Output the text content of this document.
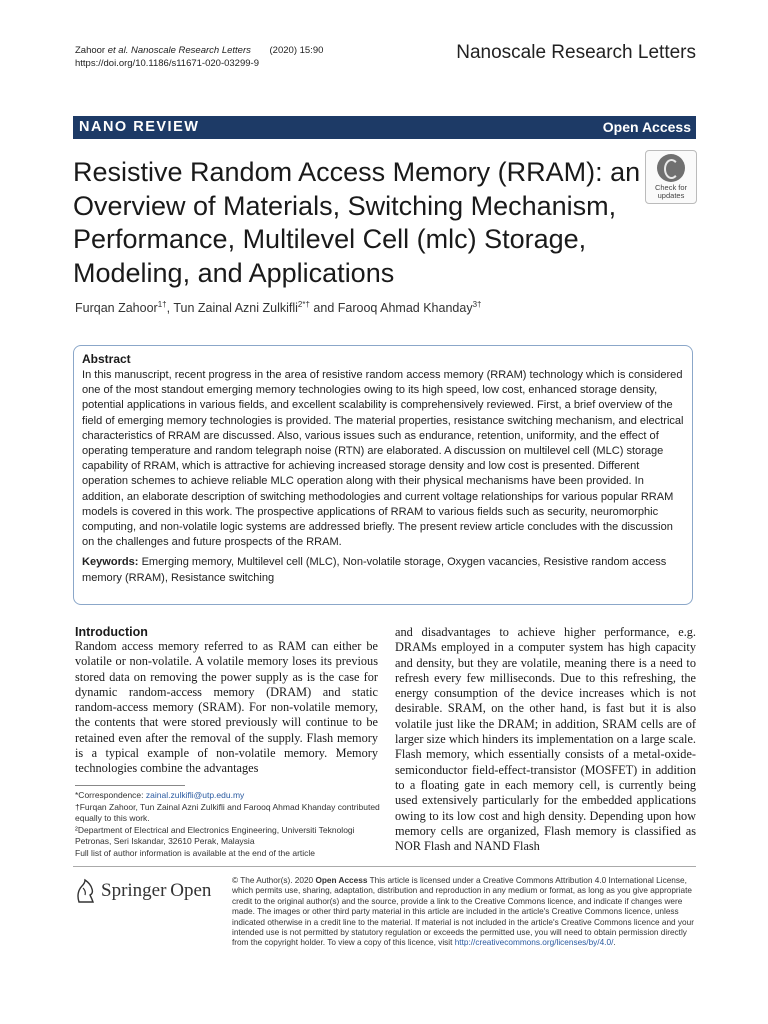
Zahoor et al. Nanoscale Research Letters (2020) 15:90
https://doi.org/10.1186/s11671-020-03299-9
Nanoscale Research Letters
NANO REVIEW	Open Access
Resistive Random Access Memory (RRAM): an Overview of Materials, Switching Mechanism, Performance, Multilevel Cell (mlc) Storage, Modeling, and Applications
Check for
updates
Furqan Zahoor$^{1\dagger}$, Tun Zainal Azni Zulkifli$^{2*\dagger}$ and Farooq Ahmad Khanday$^{3\dagger}$
Abstract

In this manuscript, recent progress in the area of resistive random access memory (RRAM) technology which is considered one of the most standout emerging memory technologies owing to its high speed, low cost, enhanced storage density, potential applications in various fields, and excellent scalability is comprehensively reviewed. First, a brief overview of the field of emerging memory technologies is provided. The material properties, resistance switching mechanism, and electrical characteristics of RRAM are discussed. Also, various issues such as endurance, retention, uniformity, and the effect of operating temperature and random telegraph noise (RTN) are elaborated. A discussion on multilevel cell (MLC) storage capability of RRAM, which is attractive for achieving increased storage density and low cost is presented. Different operation schemes to achieve reliable MLC operation along with their physical mechanisms have been provided. In addition, an elaborate description of switching methodologies and current voltage relationships for various popular RRAM models is covered in this work. The prospective applications of RRAM to various fields such as security, neuromorphic computing, and non-volatile logic systems are addressed briefly. The present review article concludes with the discussion on the challenges and future prospects of the RRAM.

Keywords: Emerging memory, Multilevel cell (MLC), Non-volatile storage, Oxygen vacancies, Resistive random access memory (RRAM), Resistance switching
Introduction

Random access memory referred to as RAM can either be volatile or non-volatile. A volatile memory loses its previous stored data on removing the power supply as is the case for dynamic random-access memory (DRAM) and static random-access memory (SRAM). For non-volatile memory, the contents that were stored previously will continue to be retained even after the removal of the supply. Flash memory is a typical example of non-volatile memory. Memory technologies combine the advantages

and disadvantages to achieve higher performance, e.g. DRAMs employed in a computer system has high capacity and density, but they are volatile, meaning there is a need to refresh every few milliseconds. Due to this refreshing, the energy consumption of the device increases which is not desirable. SRAM, on the other hand, is fast but it is also volatile just like the DRAM; in addition, SRAM cells are of larger size which hinders its implementation on a large scale. Flash memory, which essentially consists of a metal-oxide-semiconductor field-effect-transistor (MOSFET) in addition to a floating gate in each memory cell, is currently being used extensively particularly for the embedded applications owing to its low cost and high density. Depending upon how memory cells are organized, Flash memory is classified as NOR Flash and NAND Flash

*Correspondence: zainal.zulkifli@utp.edu.my
†Furqan Zahoor, Tun Zainal Azni Zulkifli and Farooq Ahmad Khanday contributed equally to this work.
²Department of Electrical and Electronics Engineering, Universiti Teknologi Petronas, Seri Iskandar, 32610 Perak, Malaysia
Full list of author information is available at the end of the article
Springer  Open © The Author(s). 2020 Open Access This article is licensed under a Creative Commons Attribution 4.0 International License, which permits use, sharing, adaptation, distribution and reproduction in any medium or format, as long as you give appropriate credit to the original author(s) and the source, provide a link to the Creative Commons licence, and indicate if changes were made. The images or other third party material in this article are included in the article's Creative Commons licence, unless indicated otherwise in a credit line to the material. If material is not included in the article's Creative Commons licence and your intended use is not permitted by statutory regulation or exceeds the permitted use, you will need to obtain permission directly from the copyright holder. To view a copy of this licence, visit http://creativecommons.org/licenses/by/4.0/.
